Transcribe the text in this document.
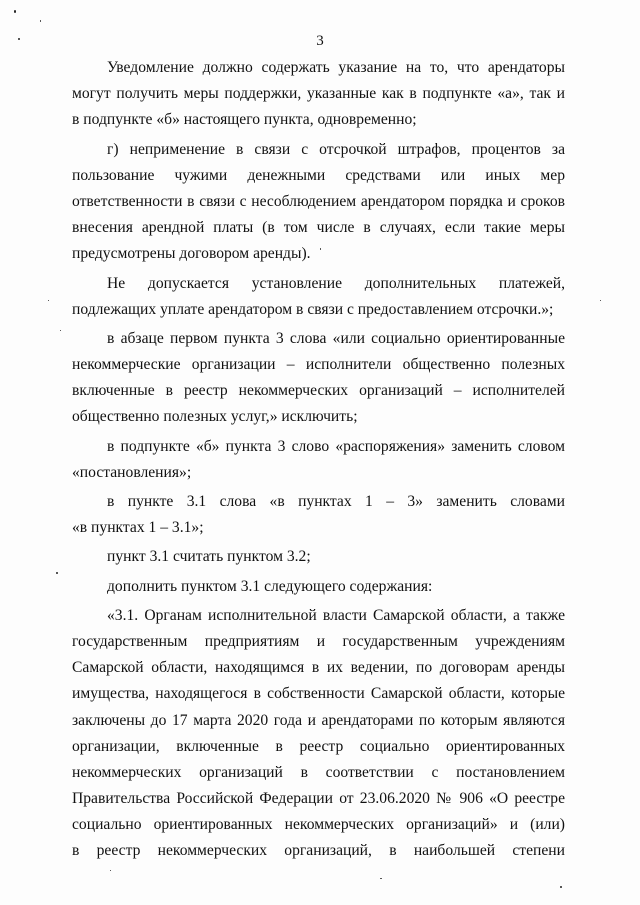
3
Уведомление должно содержать указание на то, что арендаторы
могут получить меры поддержки, указанные как в подпункте «а», так и
в подпункте «б» настоящего пункта, одновременно;
г) неприменение в связи с отсрочкой штрафов, процентов за
пользование чужими денежными средствами или иных мер
ответственности в связи с несоблюдением арендатором порядка и сроков
внесения арендной платы (в том числе в случаях, если такие меры
предусмотрены договором аренды).
Не допускается установление дополнительных платежей,
подлежащих уплате арендатором в связи с предоставлением отсрочки.»;
в абзаце первом пункта 3 слова «или социально ориентированные
некоммерческие организации – исполнители общественно полезных
включенные в реестр некоммерческих организаций – исполнителей
общественно полезных услуг,» исключить;
в подпункте «б» пункта 3 слово «распоряжения» заменить словом
«постановления»;
в пункте 3.1 слова «в пунктах 1 – 3» заменить словами
«в пунктах 1 – 3.1»;
пункт 3.1 считать пунктом 3.2;
дополнить пунктом 3.1 следующего содержания:
«3.1. Органам исполнительной власти Самарской области, а также
государственным предприятиям и государственным учреждениям
Самарской области, находящимся в их ведении, по договорам аренды
имущества, находящегося в собственности Самарской области, которые
заключены до 17 марта 2020 года и арендаторами по которым являются
организации, включенные в реестр социально ориентированных
некоммерческих организаций в соответствии с постановлением
Правительства Российской Федерации от 23.06.2020 № 906 «О реестре
социально ориентированных некоммерческих организаций» и (или)
в реестр некоммерческих организаций, в наибольшей степени
